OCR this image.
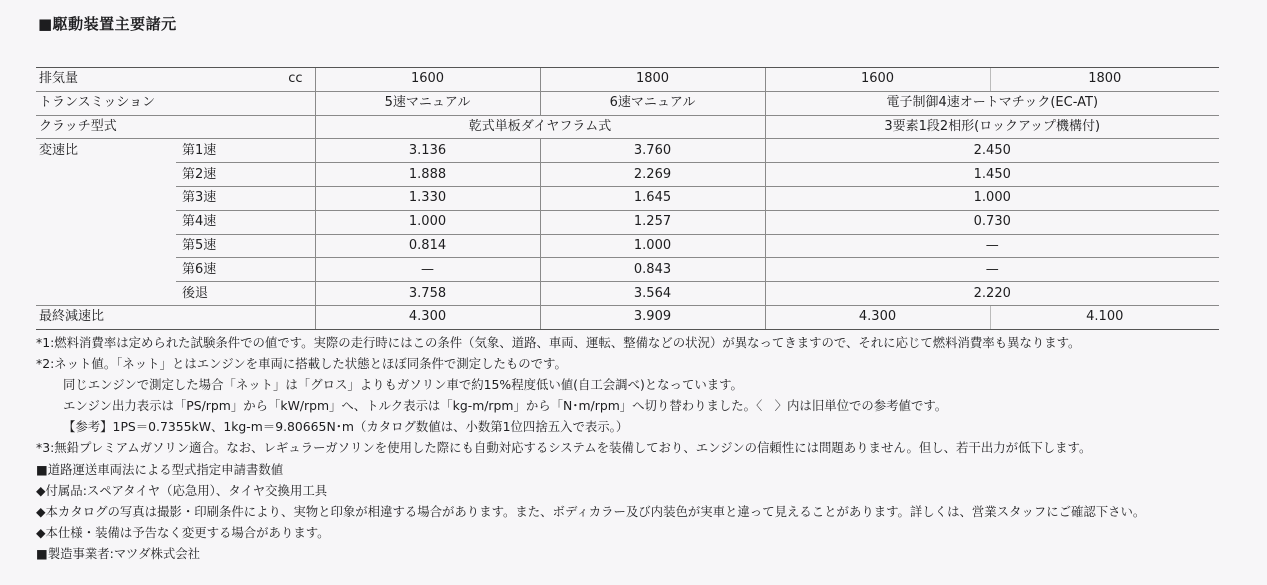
■駆動装置主要諸元
排気量	cc	1600	1800	1600	1800
トランスミッション		5速マニュアル	6速マニュアル	電子制御4速オートマチック(EC-AT)	
クラッチ型式		乾式単板ダイヤフラム式		3要素1段2相形(ロックアップ機構付)	
変速比	第1速	3.136	3.760	2.450	
	第2速	1.888	2.269	1.450	
	第3速	1.330	1.645	1.000	
	第4速	1.000	1.257	0.730	
	第5速	0.814	1.000	—	
	第6速	—	0.843	—	
	後退	3.758	3.564	2.220	
最終減速比		4.300	3.909	4.300	4.100
*1:燃料消費率は定められた試験条件での値です。実際の走行時にはこの条件（気象、道路、車両、運転、整備などの状況）が異なってきますので、それに応じて燃料消費率も異なります。
*2:ネット値。「ネット」とはエンジンを車両に搭載した状態とほぼ同条件で測定したものです。
同じエンジンで測定した場合「ネット」は「グロス」よりもガソリン車で約15%程度低い値(自工会調べ)となっています。
エンジン出力表示は「PS/rpm」から「kW/rpm」へ、トルク表示は「kg-m/rpm」から「N･m/rpm」へ切り替わりました。〈　〉内は旧単位での参考値です。
【参考】1PS＝0.7355kW、1kg-m＝9.80665N･m（カタログ数値は、小数第1位四捨五入で表示。）
*3:無鉛プレミアムガソリン適合。なお、レギュラーガソリンを使用した際にも自動対応するシステムを装備しており、エンジンの信頼性には問題ありません。但し、若干出力が低下します。
■道路運送車両法による型式指定申請書数値
◆付属品:スペアタイヤ（応急用）、タイヤ交換用工具
◆本カタログの写真は撮影・印刷条件により、実物と印象が相違する場合があります。また、ボディカラー及び内装色が実車と違って見えることがあります。詳しくは、営業スタッフにご確認下さい。
◆本仕様・装備は予告なく変更する場合があります。
■製造事業者:マツダ株式会社
